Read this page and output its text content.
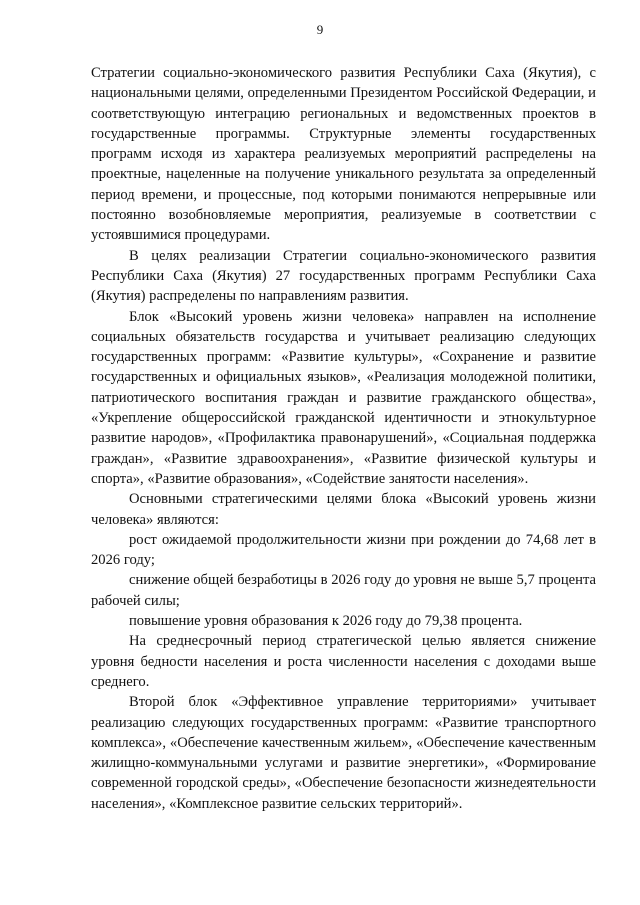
9

Стратегии социально-экономического развития Республики Саха (Якутия), с национальными целями, определенными Президентом Российской Федерации, и соответствующую интеграцию региональных и ведомственных проектов в государственные программы. Структурные элементы государственных программ исходя из характера реализуемых мероприятий распределены на проектные, нацеленные на получение уникального результата за определенный период времени, и процессные, под которыми понимаются непрерывные или постоянно возобновляемые мероприятия, реализуемые в соответствии с устоявшимися процедурами.

В целях реализации Стратегии социально-экономического развития Республики Саха (Якутия) 27 государственных программ Республики Саха (Якутия) распределены по направлениям развития.

Блок «Высокий уровень жизни человека» направлен на исполнение социальных обязательств государства и учитывает реализацию следующих государственных программ: «Развитие культуры», «Сохранение и развитие государственных и официальных языков», «Реализация молодежной политики, патриотического воспитания граждан и развитие гражданского общества», «Укрепление общероссийской гражданской идентичности и этнокультурное развитие народов», «Профилактика правонарушений», «Социальная поддержка граждан», «Развитие здравоохранения», «Развитие физической культуры и спорта», «Развитие образования», «Содействие занятости населения».

Основными стратегическими целями блока «Высокий уровень жизни человека» являются:

рост ожидаемой продолжительности жизни при рождении до 74,68 лет в 2026 году;

снижение общей безработицы в 2026 году до уровня не выше 5,7 процента рабочей силы;

повышение уровня образования к 2026 году до 79,38 процента.

На среднесрочный период стратегической целью является снижение уровня бедности населения и роста численности населения с доходами выше среднего.

Второй блок «Эффективное управление территориями» учитывает реализацию следующих государственных программ: «Развитие транспортного комплекса», «Обеспечение качественным жильем», «Обеспечение качественным жилищно-коммунальными услугами и развитие энергетики», «Формирование современной городской среды», «Обеспечение безопасности жизнедеятельности населения», «Комплексное развитие сельских территорий».
